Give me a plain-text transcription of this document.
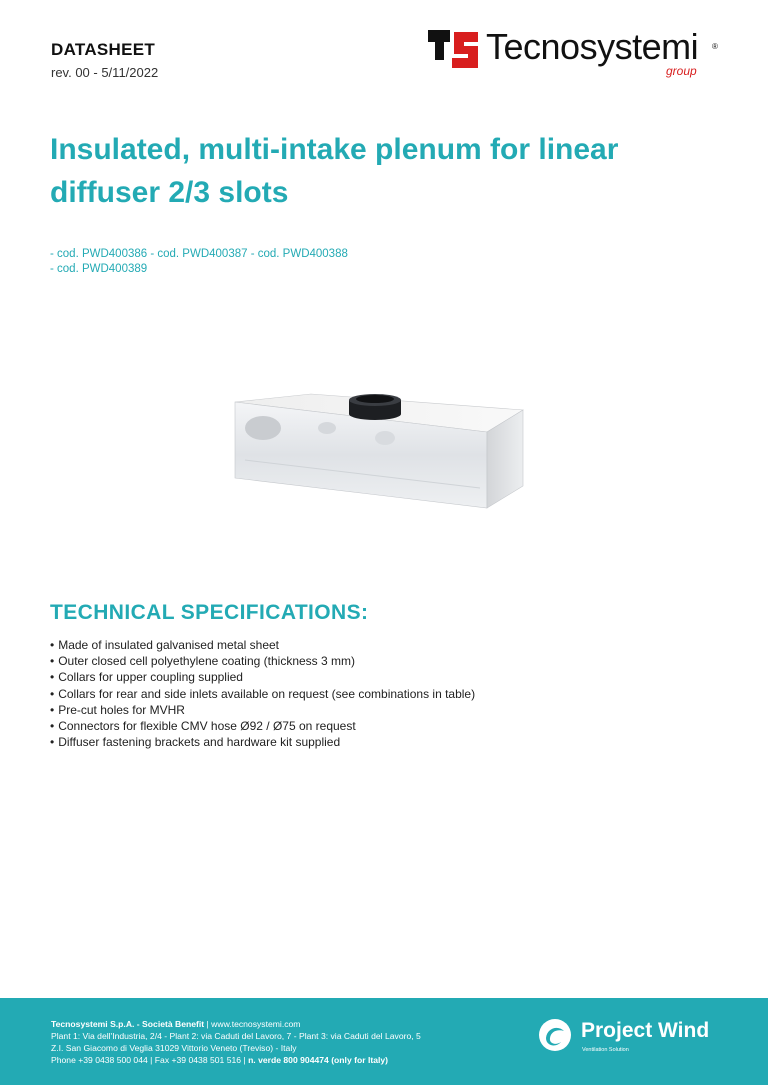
DATASHEET
rev. 00 - 5/11/2022
Tecnosystemi ®
group
Insulated, multi-intake plenum for linear diffuser 2/3 slots
- cod. PWD400386 - cod. PWD400387 - cod. PWD400388
- cod. PWD400389
TECHNICAL SPECIFICATIONS:
• Made of insulated galvanised metal sheet
• Outer closed cell polyethylene coating (thickness 3 mm)
• Collars for upper coupling supplied
• Collars for rear and side inlets available on request (see combinations in table)
• Pre-cut holes for MVHR
• Connectors for flexible CMV hose Ø92 / Ø75 on request
• Diffuser fastening brackets and hardware kit supplied
Tecnosystemi S.p.A. - Società Benefit | www.tecnosystemi.com
Plant 1: Via dell'Industria, 2/4 - Plant 2: via Caduti del Lavoro, 7 - Plant 3: via Caduti del Lavoro, 5
Z.I. San Giacomo di Veglia 31029 Vittorio Veneto (Treviso) - Italy
Phone +39 0438 500 044 | Fax +39 0438 501 516 | n. verde 800 904474 (only for Italy)
Project Wind
Ventilation Solution
